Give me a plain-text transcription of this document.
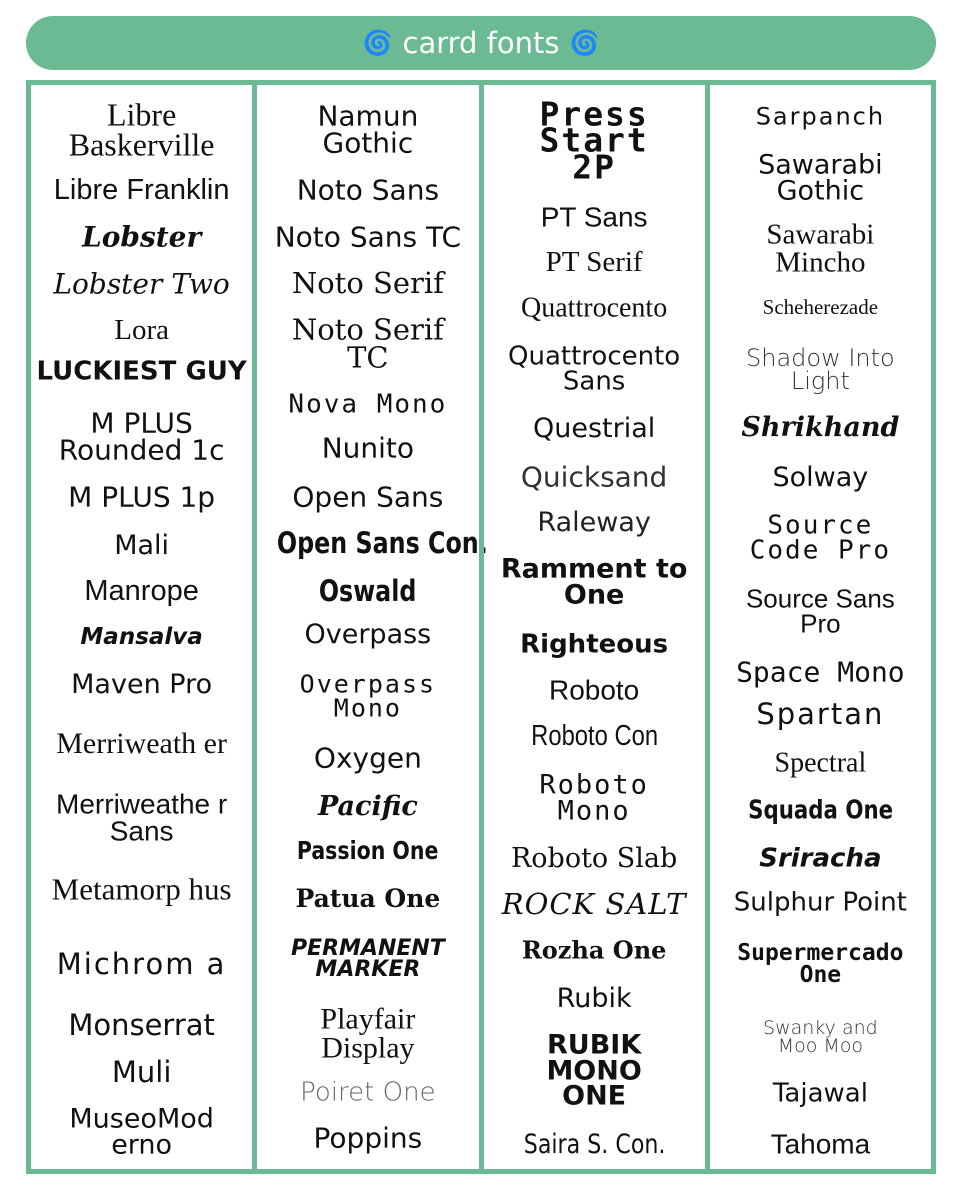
🌀 carrd fonts 🌀
Libre Baskerville
Libre Franklin
Lobster
Lobster Two
Lora
LUCKIEST GUY
M PLUS Rounded 1c
M PLUS 1p
Mali
Manrope
Mansalva
Maven Pro
Merriweath er
Merriweathe r Sans
Metamorp hus
Michrom a
Monserrat
Muli
MuseoMod erno
Namun Gothic
Noto Sans
Noto Sans TC
Noto Serif
Noto Serif TC
Nova Mono
Nunito
Open Sans
Open Sans Con.
Oswald
Overpass
Overpass Mono
Oxygen
Pacific
Passion One
Patua One
PERMANENT MARKER
Playfair Display
Poiret One
Poppins
Press Start 2P
PT Sans
PT Serif
Quattrocento
Quattrocento Sans
Questrial
Quicksand
Raleway
Ramment to One
Righteous
Roboto
Roboto Con
Roboto Mono
Roboto Slab
ROCK SALT
Rozha One
Rubik
RUBIK MONO ONE
Saira S. Con.
Sarpanch
Sawarabi Gothic
Sawarabi Mincho
Scheherezade
Shadow Into Light
Shrikhand
Solway
Source Code Pro
Source Sans Pro
Space Mono
Spartan
Spectral
Squada One
Sriracha
Sulphur Point
Supermercado One
Swanky and Moo Moo
Tajawal
Tahoma
